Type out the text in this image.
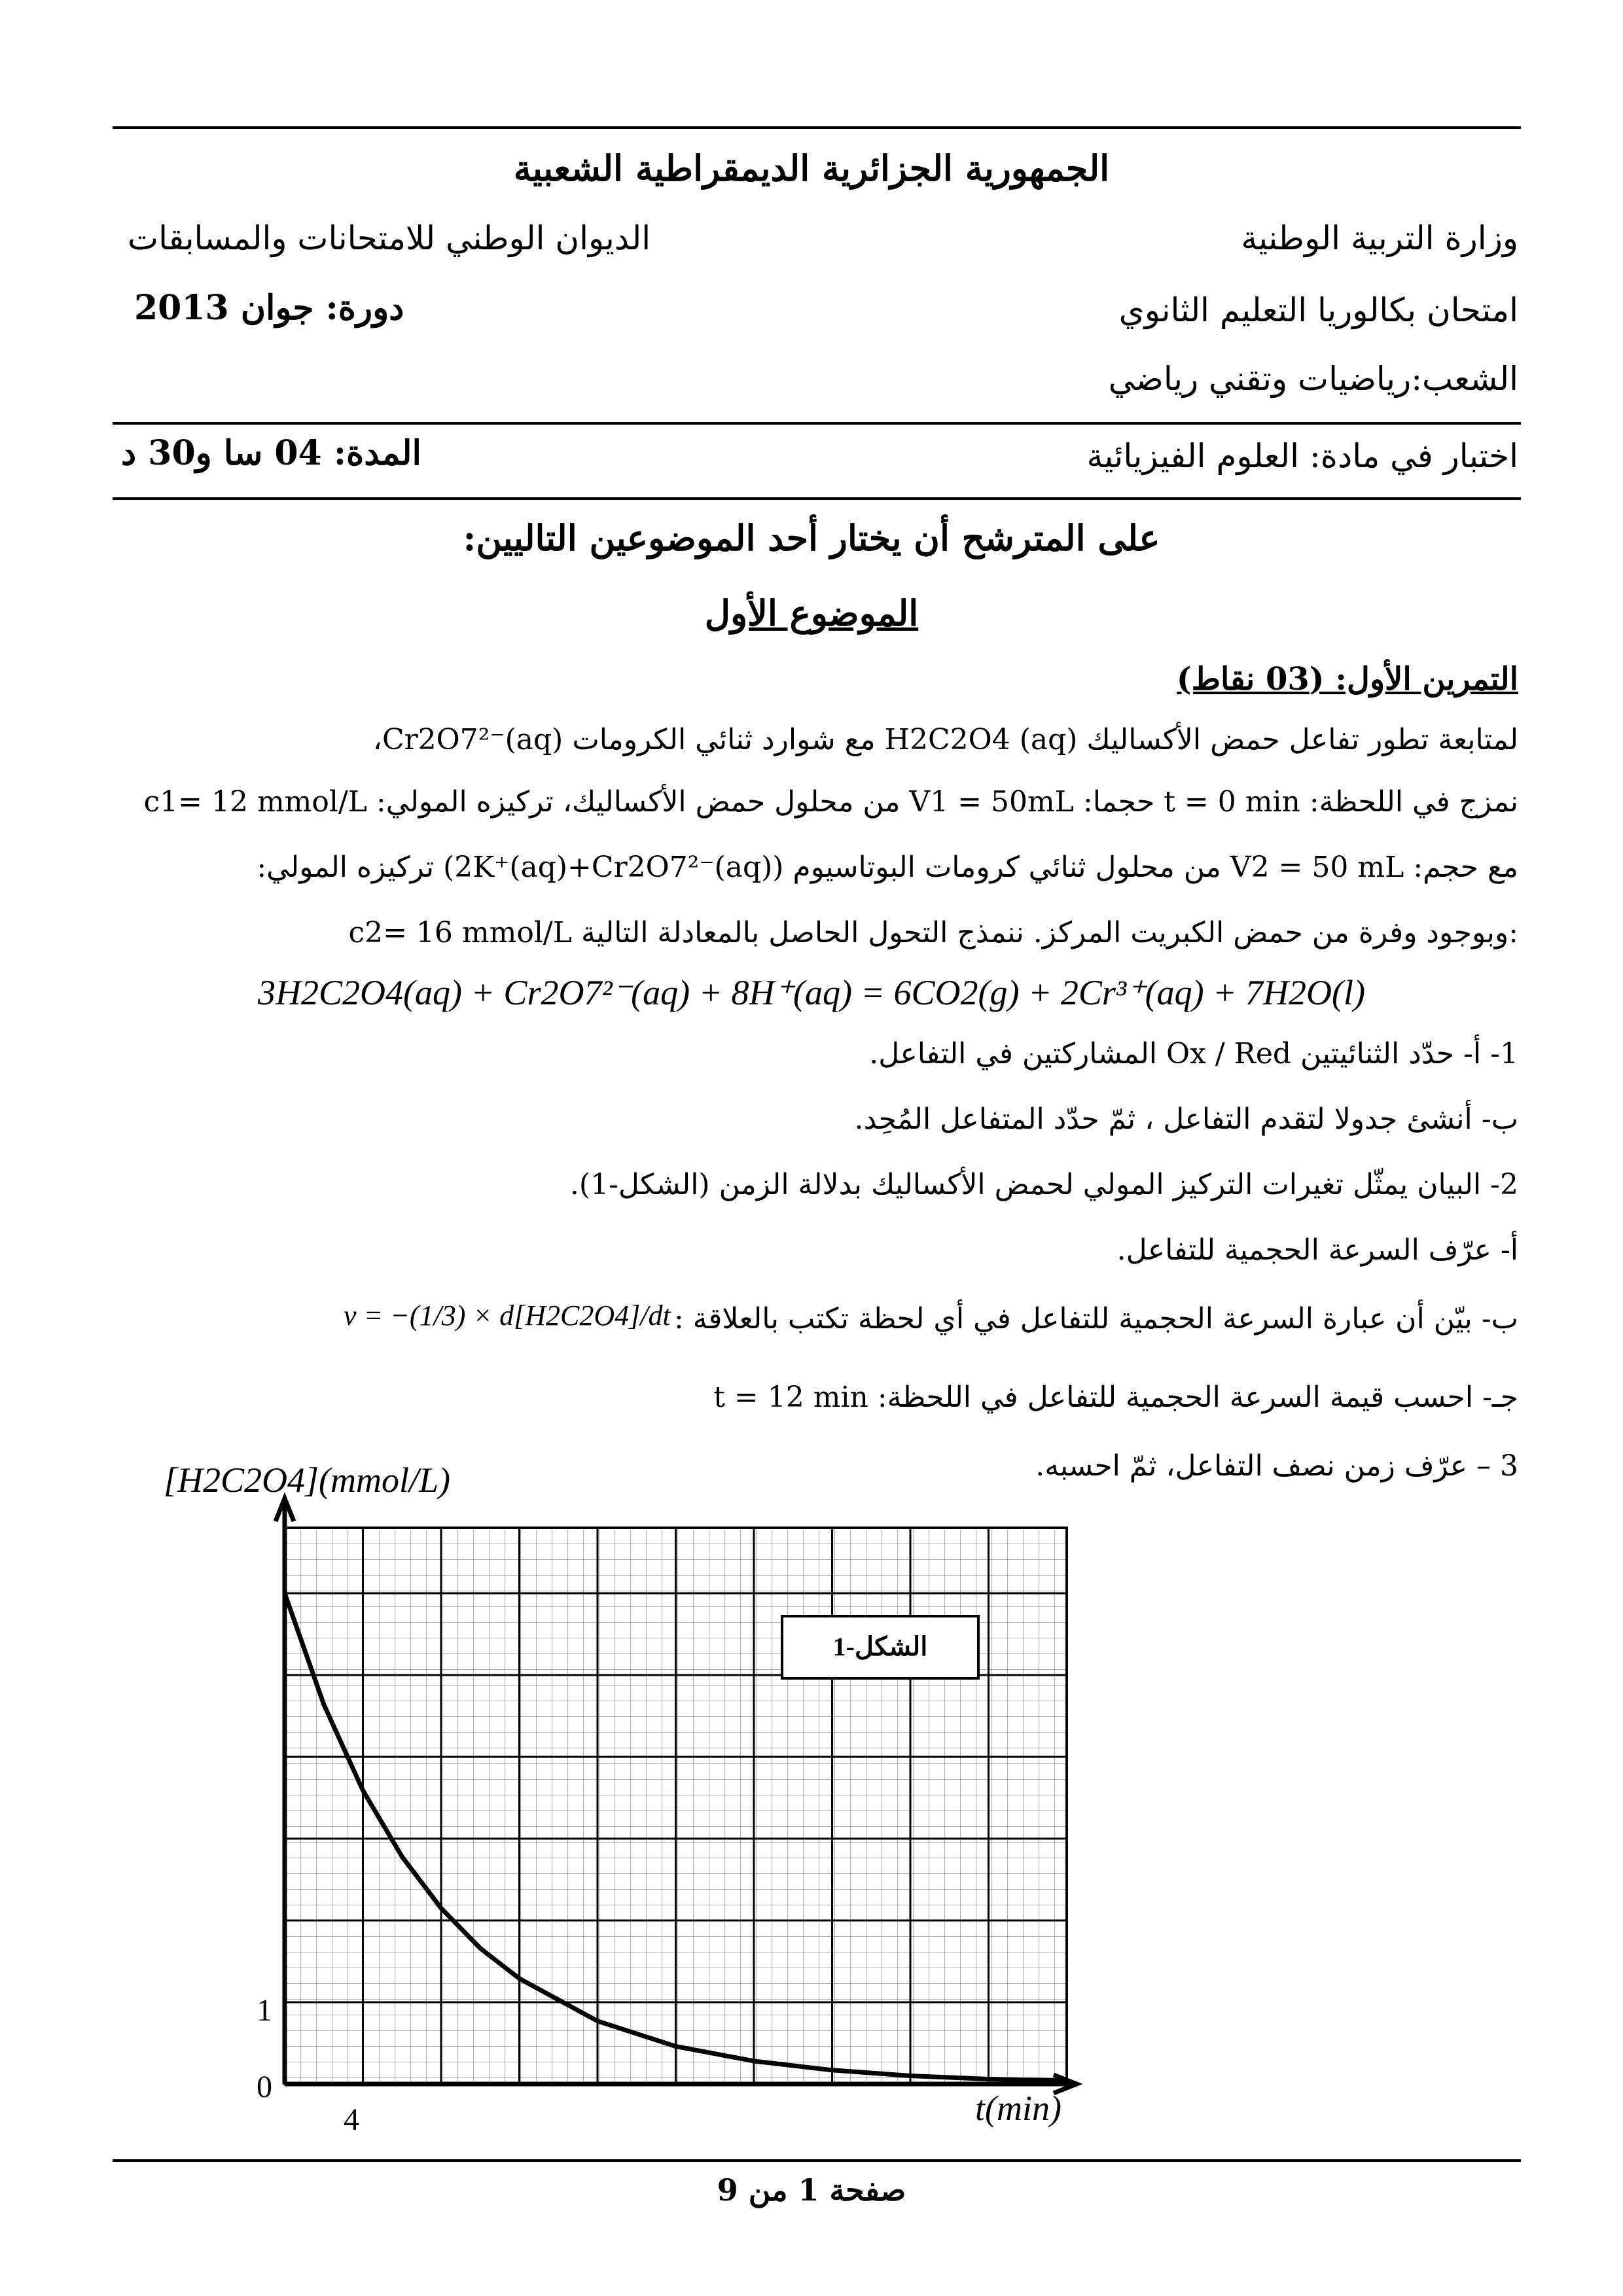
الجمهورية الجزائرية الديمقراطية الشعبية
وزارة التربية الوطنية
الديوان الوطني للامتحانات والمسابقات
امتحان بكالوريا التعليم الثانوي
دورة: جوان 2013
الشعب:رياضيات وتقني رياضي
اختبار في مادة: العلوم الفيزيائية
المدة: 04 سا و30 د
على المترشح أن يختار أحد الموضوعين التاليين:
الموضوع الأول
التمرين الأول: (03 نقاط)
لمتابعة تطور تفاعل حمض الأكساليك H2C2O4 (aq) مع شوارد ثنائي الكرومات Cr2O7²⁻(aq)،
نمزج في اللحظة: t = 0 min حجما: V1 = 50mL من محلول حمض الأكساليك، تركيزه المولي: c1= 12 mmol/L
مع حجم: V2 = 50 mL من محلول ثنائي كرومات البوتاسيوم (2K⁺(aq)+Cr2O7²⁻(aq)) تركيزه المولي:
c2= 16 mmol/L وبوجود وفرة من حمض الكبريت المركز. ننمذج التحول الحاصل بالمعادلة التالية:
3H2C2O4(aq) + Cr2O7²⁻(aq) + 8H⁺(aq) = 6CO2(g) + 2Cr³⁺(aq) + 7H2O(l)
1- أ- حدّد الثنائيتين Ox / Red المشاركتين في التفاعل.
ب- أنشئ جدولا لتقدم التفاعل ، ثمّ حدّد المتفاعل المُحِد.
2- البيان يمثّل تغيرات التركيز المولي لحمض الأكساليك بدلالة الزمن (الشكل-1).
أ- عرّف السرعة الحجمية للتفاعل.
ب- بيّن أن عبارة السرعة الحجمية للتفاعل في أي لحظة تكتب بالعلاقة :
v = −(1/3) × d[H2C2O4]/dt
جـ- احسب قيمة السرعة الحجمية للتفاعل في اللحظة: t = 12 min
3 – عرّف زمن نصف التفاعل، ثمّ احسبه.
الشكل-1
[H2C2O4](mmol/L)
t(min)
0
4
1
صفحة 1 من 9
